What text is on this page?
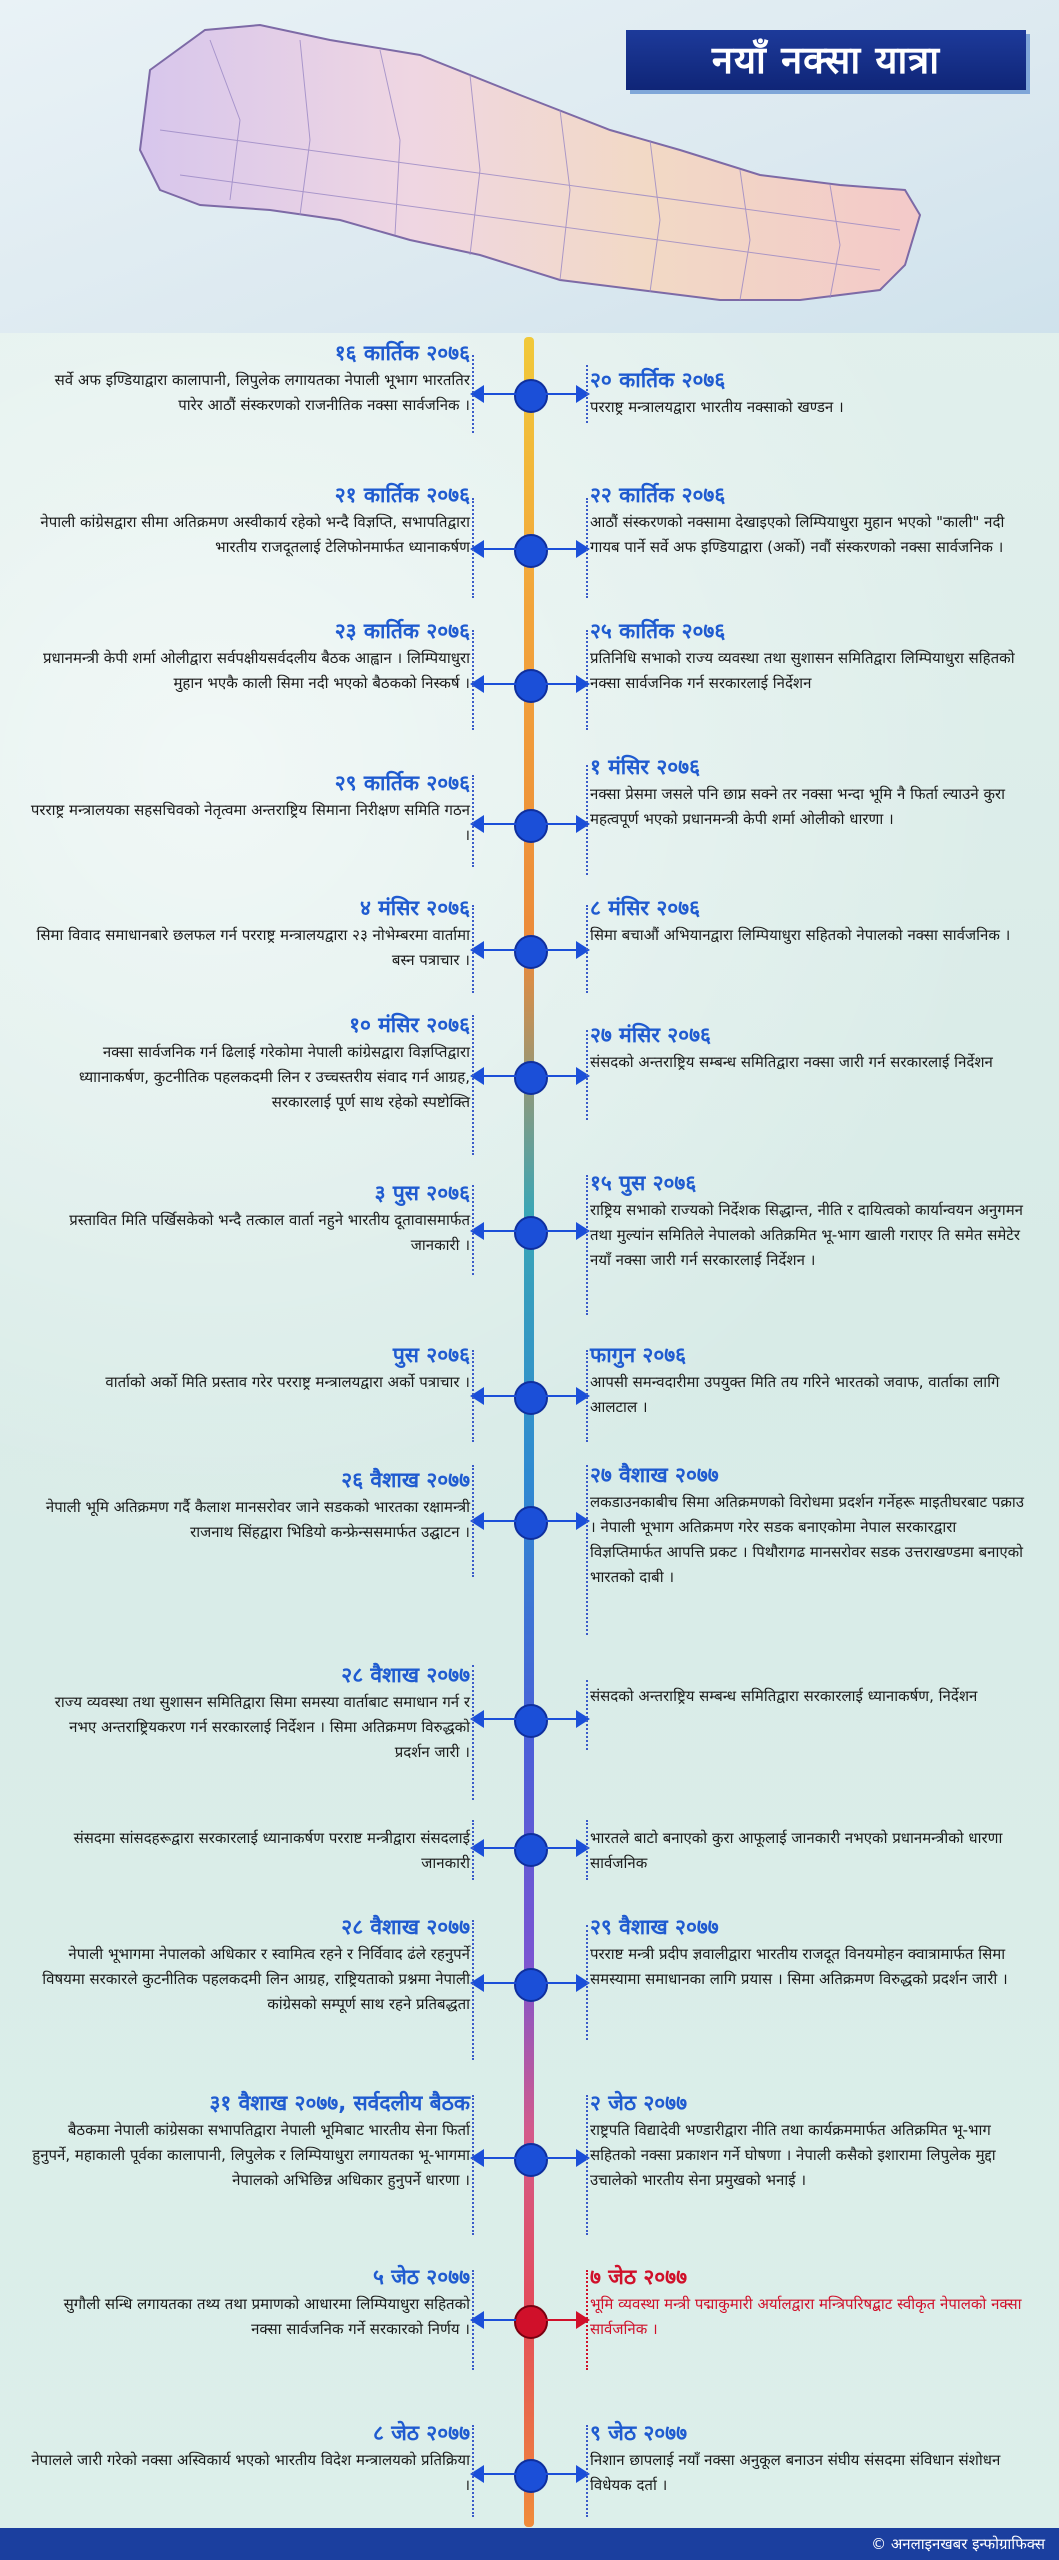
नयाँ नक्सा यात्रा
१६ कार्तिक २०७६
सर्वे अफ इण्डियाद्वारा कालापानी, लिपुलेक लगायतका नेपाली भूभाग भारततिर पारेर आठौं संस्करणको राजनीतिक नक्सा सार्वजनिक ।
२० कार्तिक २०७६
परराष्ट्र मन्त्रालयद्वारा भारतीय नक्साको खण्डन ।
२१ कार्तिक २०७६
नेपाली कांग्रेसद्वारा सीमा अतिक्रमण अस्वीकार्य रहेको भन्दै विज्ञप्ति, सभापतिद्वारा भारतीय राजदूतलाई टेलिफोनमार्फत ध्यानाकर्षण
२२ कार्तिक २०७६
आठौं संस्करणको नक्सामा देखाइएको लिम्पियाधुरा मुहान भएको "काली" नदी गायब पार्ने सर्वे अफ इण्डियाद्वारा (अर्को) नवौं संस्करणको नक्सा सार्वजनिक ।
२३ कार्तिक २०७६
प्रधानमन्त्री केपी शर्मा ओलीद्वारा सर्वपक्षीयसर्वदलीय बैठक आह्वान । लिम्पियाधुरा मुहान भएकै काली सिमा नदी भएको बैठकको निस्कर्ष ।
२५ कार्तिक २०७६
प्रतिनिधि सभाको राज्य व्यवस्था तथा सुशासन समितिद्वारा लिम्पियाधुरा सहितको नक्सा सार्वजनिक गर्न सरकारलाई निर्देशन
२९ कार्तिक २०७६
परराष्ट्र मन्त्रालयका सहसचिवको नेतृत्वमा अन्तराष्ट्रिय सिमाना निरीक्षण समिति गठन ।
१ मंसिर २०७६
नक्सा प्रेसमा जसले पनि छाप्न सक्ने तर नक्सा भन्दा भूमि नै फिर्ता ल्याउने कुरा महत्वपूर्ण भएको प्रधानमन्त्री केपी शर्मा ओलीको धारणा ।
४ मंसिर २०७६
सिमा विवाद समाधानबारे छलफल गर्न परराष्ट्र मन्त्रालयद्वारा २३ नोभेम्बरमा वार्तामा बस्न पत्राचार ।
८ मंसिर २०७६
सिमा बचाऔं अभियानद्वारा लिम्पियाधुरा सहितको नेपालको नक्सा सार्वजनिक ।
१० मंसिर २०७६
नक्सा सार्वजनिक गर्न ढिलाई गरेकोमा नेपाली कांग्रेसद्वारा विज्ञप्तिद्वारा ध्याानाकर्षण, कुटनीतिक पहलकदमी लिन र उच्चस्तरीय संवाद गर्न आग्रह, सरकारलाई पूर्ण साथ रहेको स्पष्टोक्ति
२७ मंसिर २०७६
संसदको अन्तराष्ट्रिय सम्बन्ध समितिद्वारा नक्सा जारी गर्न सरकारलाई निर्देशन
३ पुस २०७६
प्रस्तावित मिति पर्खिसकेको भन्दै तत्काल वार्ता नहुने भारतीय दूतावासमार्फत जानकारी ।
१५ पुस २०७६
राष्ट्रिय सभाको राज्यको निर्देशक सिद्धान्त, नीति र दायित्वको कार्यान्वयन अनुगमन तथा मुल्यांन समितिले नेपालको अतिक्रमित भू-भाग खाली गराएर ति समेत समेटेर नयाँ नक्सा जारी गर्न सरकारलाई निर्देशन ।
पुस २०७६
वार्ताको अर्को मिति प्रस्ताव गरेर परराष्ट्र मन्त्रालयद्वारा अर्को पत्राचार ।
फागुन २०७६
आपसी समन्वदारीमा उपयुक्त मिति तय गरिने भारतको जवाफ, वार्ताका लागि आलटाल ।
२६ वैशाख २०७७
नेपाली भूमि अतिक्रमण गर्दै कैलाश मानसरोवर जाने सडकको भारतका रक्षामन्त्री राजनाथ सिंहद्वारा भिडियो कन्फ्रेन्ससमार्फत उद्घाटन ।
२७ वैशाख २०७७
लकडाउनकाबीच सिमा अतिक्रमणको विरोधमा प्रदर्शन गर्नेहरू माइतीघरबाट पक्राउ । नेपाली भूभाग अतिक्रमण गरेर सडक बनाएकोमा नेपाल सरकारद्वारा विज्ञप्तिमार्फत आपत्ति प्रकट । पिथौरागढ मानसरोवर सडक उत्तराखण्डमा बनाएको भारतको दाबी ।
२८ वैशाख २०७७
राज्य व्यवस्था तथा सुशासन समितिद्वारा सिमा समस्या वार्ताबाट समाधान गर्न र नभए अन्तराष्ट्रियकरण गर्न सरकारलाई निर्देशन । सिमा अतिक्रमण विरुद्धको प्रदर्शन जारी ।
संसदको अन्तराष्ट्रिय सम्बन्ध समितिद्वारा सरकारलाई ध्यानाकर्षण, निर्देशन
संसदमा सांसदहरूद्वारा सरकारलाई ध्यानाकर्षण परराष्ट मन्त्रीद्वारा संसदलाई जानकारी
भारतले बाटो बनाएको कुरा आफूलाई जानकारी नभएको प्रधानमन्त्रीको धारणा सार्वजनिक
२८ वैशाख २०७७
नेपाली भूभागमा नेपालको अधिकार र स्वामित्व रहने र निर्विवाद ढंले रहनुपर्ने विषयमा सरकारले कुटनीतिक पहलकदमी लिन आग्रह, राष्ट्रियताको प्रश्नमा नेपाली कांग्रेसको सम्पूर्ण साथ रहने प्रतिबद्धता
२९ वैशाख २०७७
परराष्ट मन्त्री प्रदीप ज्ञवालीद्वारा भारतीय राजदूत विनयमोहन क्वात्रामार्फत सिमा समस्यामा समाधानका लागि प्रयास । सिमा अतिक्रमण विरुद्धको प्रदर्शन जारी ।
३१ वैशाख २०७७, सर्वदलीय बैठक
बैठकमा नेपाली कांग्रेसका सभापतिद्वारा नेपाली भूमिबाट भारतीय सेना फिर्ता हुनुपर्ने, महाकाली पूर्वका कालापानी, लिपुलेक र लिम्पियाधुरा लगायतका भू-भागमा नेपालको अभिछिन्न अधिकार हुनुपर्ने धारणा ।
२ जेठ २०७७
राष्ट्रपति विद्यादेवी भण्डारीद्वारा नीति तथा कार्यक्रममार्फत अतिक्रमित भू-भाग सहितको नक्सा प्रकाशन गर्ने घोषणा । नेपाली कसैको इशारामा लिपुलेक मुद्दा उचालेको भारतीय सेना प्रमुखको भनाई ।
५ जेठ २०७७
सुगौली सन्धि लगायतका तथ्य तथा प्रमाणको आधारमा लिम्पियाधुरा सहितको नक्सा सार्वजनिक गर्ने सरकारको निर्णय ।
७ जेठ २०७७
भूमि व्यवस्था मन्त्री पद्माकुमारी अर्यालद्वारा मन्त्रिपरिषद्बाट स्वीकृत नेपालको नक्सा सार्वजनिक ।
८ जेठ २०७७
नेपालले जारी गरेको नक्सा अस्विकार्य भएको भारतीय विदेश मन्त्रालयको प्रतिक्रिया ।
९ जेठ २०७७
निशान छापलाई नयाँ नक्सा अनुकूल बनाउन संघीय संसदमा संविधान संशोधन विधेयक दर्ता ।
© अनलाइनखबर इन्फोग्राफिक्स
